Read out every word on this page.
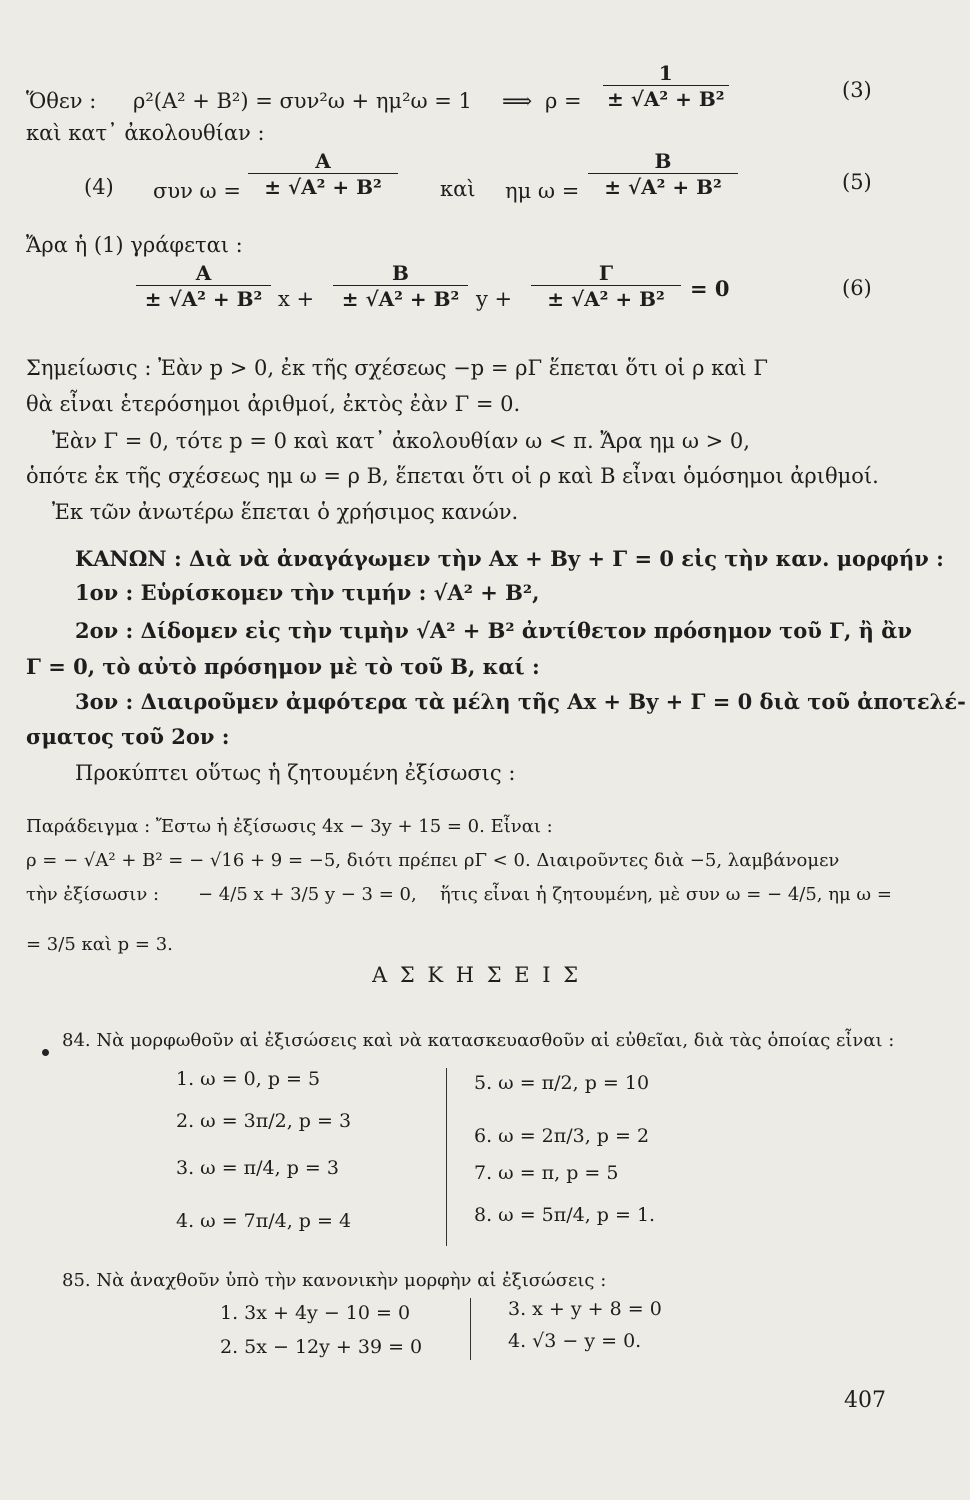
Ὅθεν : ρ²(Α² + Β²) = συν²ω + ημ²ω = 1 ⟹ $\rho = \frac{1}{\text{± √Α² + Β²}}$	(3)
καὶ κατ᾽ ἀκολουθίαν :
(4) συν $\omega = \frac{A}{\text{± √Α² + Β²}}$ καὶ ημ $\omega = \frac{B}{\text{± √Α² + Β²}}$	(5)
Ἄρα ἡ (1) γράφεται :
$\frac{A}{\text{± √Α² + Β²}}$ $x + \frac{B}{\text{± √Α² + Β²}}$ $y + \frac{\Gamma}{\text{± √Α² + Β²}} = 0$	(6)
Σημείωσις : Ἐὰν p > 0, ἐκ τῆς σχέσεως −p = ρΓ ἕπεται ὅτι οἱ ρ καὶ Γ
θὰ εἶναι ἑτερόσημοι ἀριθμοί, ἐκτὸς ἐὰν Γ = 0.
Ἐὰν Γ = 0, τότε p = 0 καὶ κατ᾽ ἀκολουθίαν ω < π. Ἄρα ημ ω > 0,
ὁπότε ἐκ τῆς σχέσεως ημ ω = ρ Β, ἕπεται ὅτι οἱ ρ καὶ Β εἶναι ὁμόσημοι ἀριθμοί.
Ἐκ τῶν ἀνωτέρω ἕπεται ὁ χρήσιμος κανών.
ΚΑΝΩΝ : Διὰ νὰ ἀναγάγωμεν τὴν Ax + By + Γ = 0 εἰς τὴν καν. μορφήν :
1ον : Εὑρίσκομεν τὴν τιμήν : √Α² + Β²,
2ον : Δίδομεν εἰς τὴν τιμὴν √Α² + Β² ἀντίθετον πρόσημον τοῦ Γ, ἢ ἂν
Γ = 0, τὸ αὐτὸ πρόσημον μὲ τὸ τοῦ Β, καί :
3ον : Διαιροῦμεν ἀμφότερα τὰ μέλη τῆς Ax + By + Γ = 0 διὰ τοῦ ἀποτελέ-
σματος τοῦ 2ον :
Προκύπτει οὕτως ἡ ζητουμένη ἐξίσωσις :
Παράδειγμα : Ἔστω ἡ ἐξίσωσις 4x − 3y + 15 = 0. Εἶναι :
ρ = − √Α² + Β² = − √16 + 9 = −5, διότι πρέπει ρΓ < 0. Διαιροῦντες διὰ −5, λαμβάνομεν
τὴν ἐξίσωσιν : − 4/5 x + 3/5 y − 3 = 0, ἥτις εἶναι ἡ ζητουμένη, μὲ συν ω = − 4/5, ημ ω =
= 3/5 καὶ p = 3.
Α Σ Κ Η Σ Ε Ι Σ
84. Νὰ μορφωθοῦν αἱ ἐξισώσεις καὶ νὰ κατασκευασθοῦν αἱ εὐθεῖαι, διὰ τὰς ὁποίας εἶναι :
1. ω = 0, p = 5
2. ω = 3π/2, p = 3
3. ω = π/4, p = 3
4. ω = 7π/4, p = 4
5. ω = π/2, p = 10
6. ω = 2π/3, p = 2
7. ω = π, p = 5
8. ω = 5π/4, p = 1.
85. Νὰ ἀναχθοῦν ὑπὸ τὴν κανονικὴν μορφὴν αἱ ἐξισώσεις :
1. 3x + 4y − 10 = 0
2. 5x − 12y + 39 = 0
3. x + y + 8 = 0
4. √3 − y = 0.
407
